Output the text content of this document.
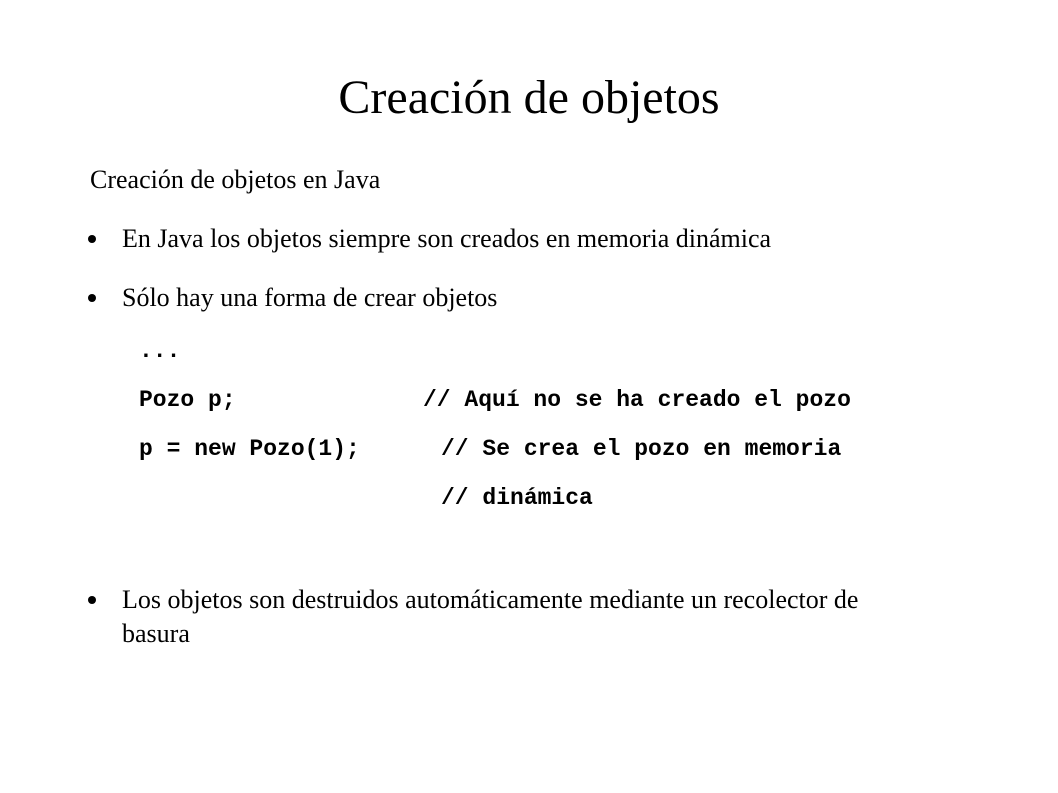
Creación de objetos
Creación de objetos en Java
En Java los objetos siempre son creados en memoria dinámica
Sólo hay una forma de crear objetos
...
Pozo p;	// Aquí no se ha creado el pozo
p = new Pozo(1);	// Se crea el pozo en memoria
// dinámica
Los objetos son destruidos automáticamente mediante un recolector de basura
